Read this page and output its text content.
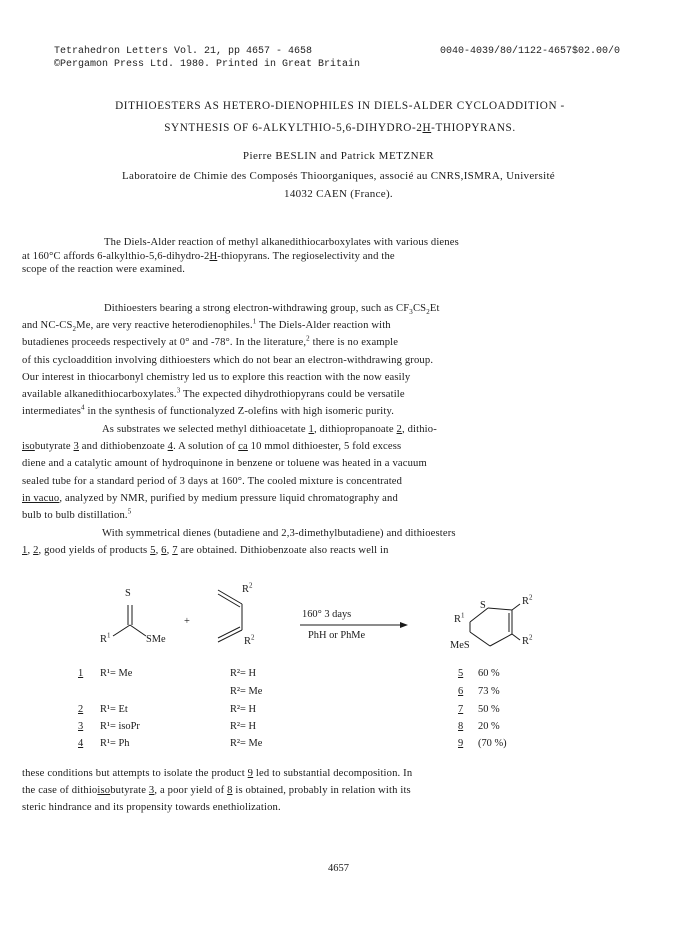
Tetrahedron Letters Vol. 21, pp 4657 - 4658
©Pergamon Press Ltd. 1980. Printed in Great Britain
0040-4039/80/1122-4657$02.00/0
DITHIOESTERS AS HETERO-DIENOPHILES IN DIELS-ALDER CYCLOADDITION -
SYNTHESIS OF 6-ALKYLTHIO-5,6-DIHYDRO-2H-THIOPYRANS.
Pierre BESLIN and Patrick METZNER
Laboratoire de Chimie des Composés Thioorganiques, associé au CNRS,ISMRA, Université
14032 CAEN (France).

The Diels-Alder reaction of methyl alkanedithiocarboxylates with various dienes

at 160°C affords 6-alkylthio-5,6-dihydro-2H-thiopyrans. The regioselectivity and the

scope of the reaction were examined.

Dithioesters bearing a strong electron-withdrawing group, such as $CF_3CS_2Et$

and $NC-CS_2Me$, are very reactive heterodienophiles.$^1$ The Diels-Alder reaction with

butadienes proceeds respectively at 0° and -78°. In the literature,$^2$ there is no example

of this cycloaddition involving dithioesters which do not bear an electron-withdrawing group.

Our interest in thiocarbonyl chemistry led us to explore this reaction with the now easily

available alkanedithiocarboxylates.$^3$ The expected dihydrothiopyrans could be versatile

intermediates$^4$ in the synthesis of functionalyzed Z-olefins with high isomeric purity.

As substrates we selected methyl dithioacetate 1, dithiopropanoate 2, dithio-

isobutyrate 3 and dithiobenzoate 4. A solution of ca 10 mmol dithioester, 5 fold excess

diene and a catalytic amount of hydroquinone in benzene or toluene was heated in a vacuum

sealed tube for a standard period of 3 days at 160°. The cooled mixture is concentrated

in vacuo, analyzed by NMR, purified by medium pressure liquid chromatography and

bulb to bulb distillation.$^5$

With symmetrical dienes (butadiene and 2,3-dimethylbutadiene) and dithioesters

1, 2, good yields of products 5, 6, 7 are obtained. Dithiobenzoate also reacts well in

S
$R^1$	SMe
+
$R^2$
$R^2$
160° 3 days
PhH or PhMe
S
$R^1$
MeS
$R^2$
$R^2$
1 R¹= Me	R²= H	5 60 %
R²= Me	6 73 %
2 R¹= Et	R²= H	7 50 %
3 R¹= isoPr	R²= H	8 20 %
4 R¹= Ph	R²= Me	9 (70 %)

these conditions but attempts to isolate the product 9 led to substantial decomposition. In

the case of dithioisobutyrate 3, a poor yield of 8 is obtained, probably in relation with its

steric hindrance and its propensity towards enethiolization.

4657
